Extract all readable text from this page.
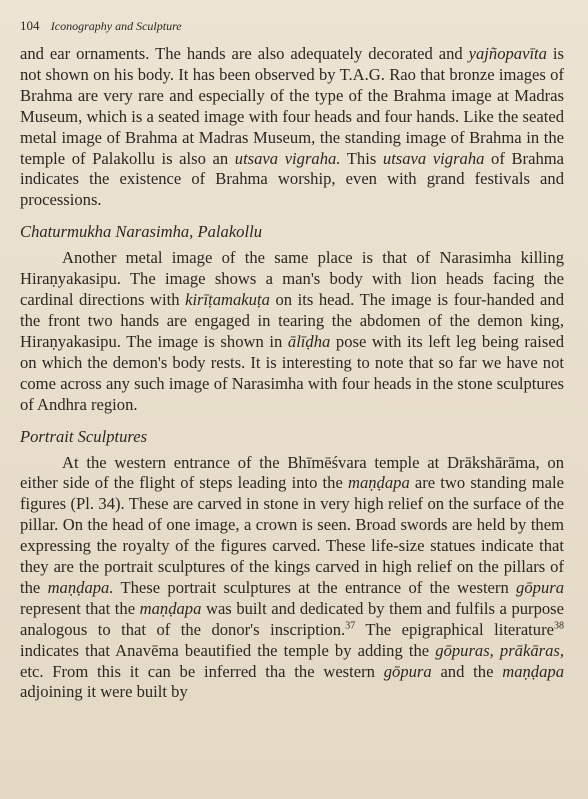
104 Iconography and Sculpture

and ear ornaments. The hands are also adequately decorated and yajñopavīta is not shown on his body. It has been observed by T.A.G. Rao that bronze images of Brahma are very rare and especially of the type of the Brahma image at Madras Museum, which is a seated image with four heads and four hands. Like the seated metal image of Brahma at Madras Museum, the standing image of Brahma in the temple of Palakollu is also an utsava vigraha. This utsava vigraha of Brahma indicates the existence of Brahma worship, even with grand festivals and processions.

Chaturmukha Narasimha, Palakollu

Another metal image of the same place is that of Narasimha killing Hiraṇyakasipu. The image shows a man's body with lion heads facing the cardinal directions with kirīṭamakuṭa on its head. The image is four-handed and the front two hands are engaged in tearing the abdomen of the demon king, Hiraṇyakasipu. The image is shown in ālīḍha pose with its left leg being raised on which the demon's body rests. It is interesting to note that so far we have not come across any such image of Narasimha with four heads in the stone sculptures of Andhra region.

Portrait Sculptures

At the western entrance of the Bhīmēśvara temple at Drākshārāma, on either side of the flight of steps leading into the maṇḍapa are two standing male figures (Pl. 34). These are carved in stone in very high relief on the surface of the pillar. On the head of one image, a crown is seen. Broad swords are held by them expressing the royalty of the figures carved. These life-size statues indicate that they are the portrait sculptures of the kings carved in high relief on the pillars of the maṇḍapa. These portrait sculptures at the entrance of the western gōpura represent that the maṇḍapa was built and dedicated by them and fulfils a purpose analogous to that of the donor's inscription.$^{37}$ The epigraphical literature$^{38}$ indicates that Anavēma beautified the temple by adding the gōpuras, prākāras, etc. From this it can be inferred tha the western gōpura and the maṇḍapa adjoining it were built by
